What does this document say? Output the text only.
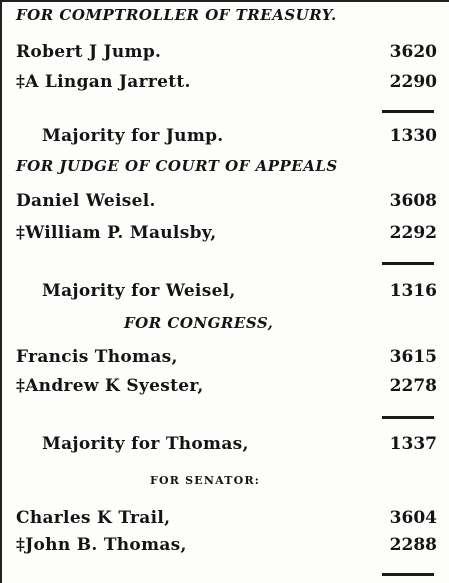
FOR COMPTROLLER OF TREASURY.
Robert J Jump.	3620
‡A Lingan Jarrett.	2290
Majority for Jump.	1330
FOR JUDGE OF COURT OF APPEALS
Daniel Weisel.	3608
‡William P. Maulsby,	2292
Majority for Weisel,	1316
FOR CONGRESS,
Francis Thomas,	3615
‡Andrew K Syester,	2278
Majority for Thomas,	1337
FOR SENATOR:
Charles K Trail,	3604
‡John B. Thomas,	2288
